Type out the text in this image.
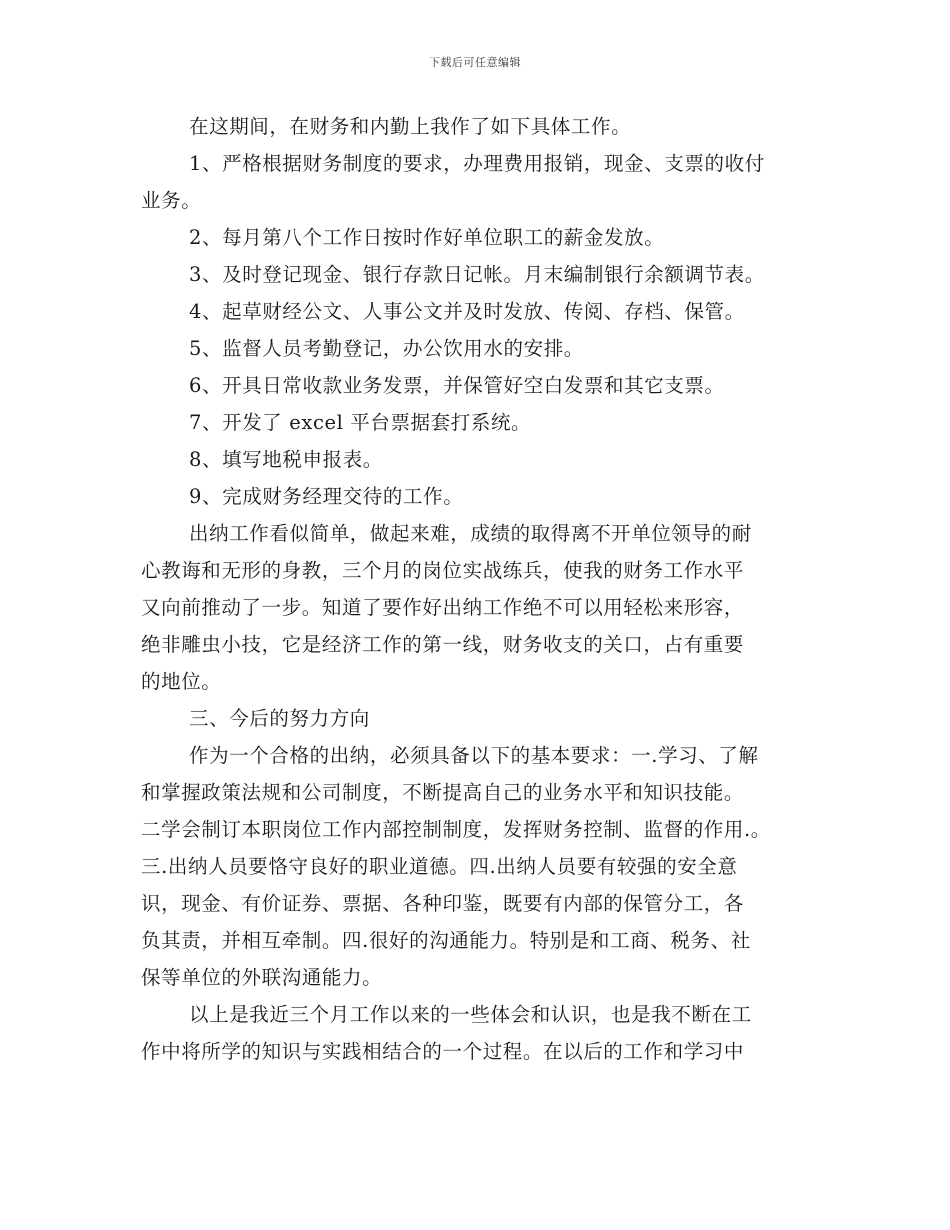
下载后可任意编辑
在这期间，在财务和内勤上我作了如下具体工作。
1、严格根据财务制度的要求，办理费用报销，现金、支票的收付
业务。
2、每月第八个工作日按时作好单位职工的薪金发放。
3、及时登记现金、银行存款日记帐。月末编制银行余额调节表。
4、起草财经公文、人事公文并及时发放、传阅、存档、保管。
5、监督人员考勤登记，办公饮用水的安排。
6、开具日常收款业务发票，并保管好空白发票和其它支票。
7、开发了 excel 平台票据套打系统。
8、填写地税申报表。
9、完成财务经理交待的工作。
出纳工作看似简单，做起来难，成绩的取得离不开单位领导的耐
心教诲和无形的身教，三个月的岗位实战练兵，使我的财务工作水平
又向前推动了一步。知道了要作好出纳工作绝不可以用轻松来形容，
绝非雕虫小技，它是经济工作的第一线，财务收支的关口，占有重要
的地位。
三、今后的努力方向
作为一个合格的出纳，必须具备以下的基本要求：一.学习、了解
和掌握政策法规和公司制度，不断提高自己的业务水平和知识技能。
二学会制订本职岗位工作内部控制制度，发挥财务控制、监督的作用.。
三.出纳人员要恪守良好的职业道德。四.出纳人员要有较强的安全意
识，现金、有价证券、票据、各种印鉴，既要有内部的保管分工，各
负其责，并相互牵制。四.很好的沟通能力。特别是和工商、税务、社
保等单位的外联沟通能力。
以上是我近三个月工作以来的一些体会和认识，也是我不断在工
作中将所学的知识与实践相结合的一个过程。在以后的工作和学习中
